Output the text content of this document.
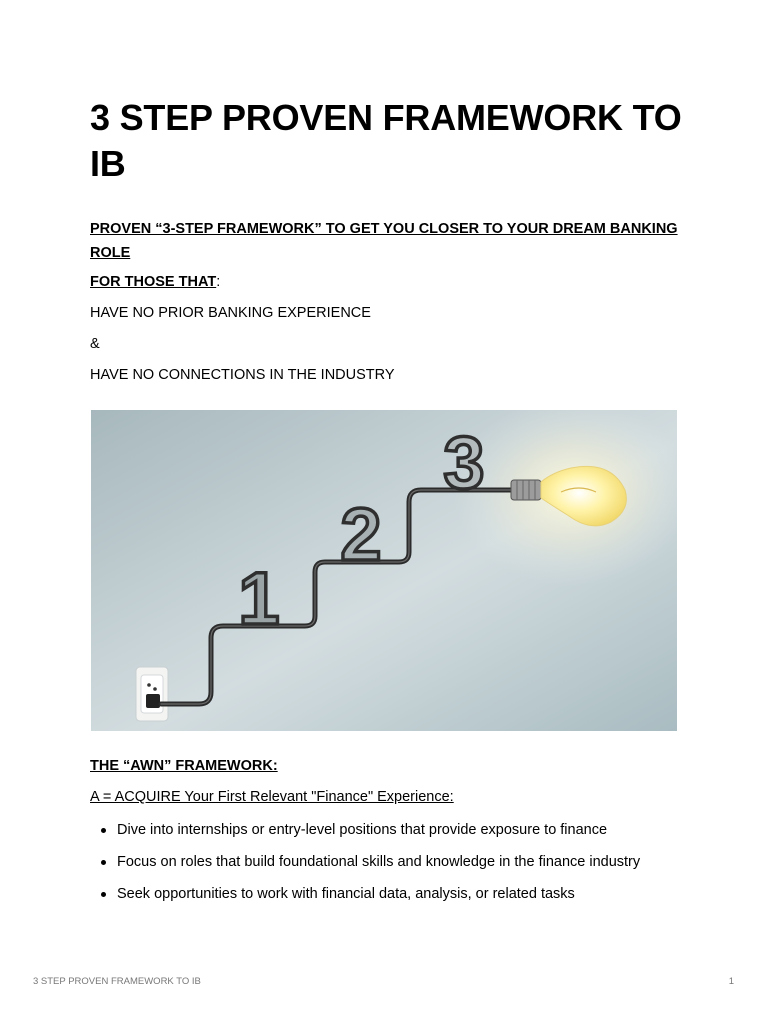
3 STEP PROVEN FRAMEWORK TO IB

PROVEN “3-STEP FRAMEWORK” TO GET YOU CLOSER TO YOUR DREAM BANKING ROLE

FOR THOSE THAT:

HAVE NO PRIOR BANKING EXPERIENCE

&

HAVE NO CONNECTIONS IN THE INDUSTRY

1
2
3

THE “AWN” FRAMEWORK:

A = ACQUIRE Your First Relevant "Finance" Experience:

Dive into internships or entry-level positions that provide exposure to finance
Focus on roles that build foundational skills and knowledge in the finance industry
Seek opportunities to work with financial data, analysis, or related tasks
3 STEP PROVEN FRAMEWORK TO IB	1
